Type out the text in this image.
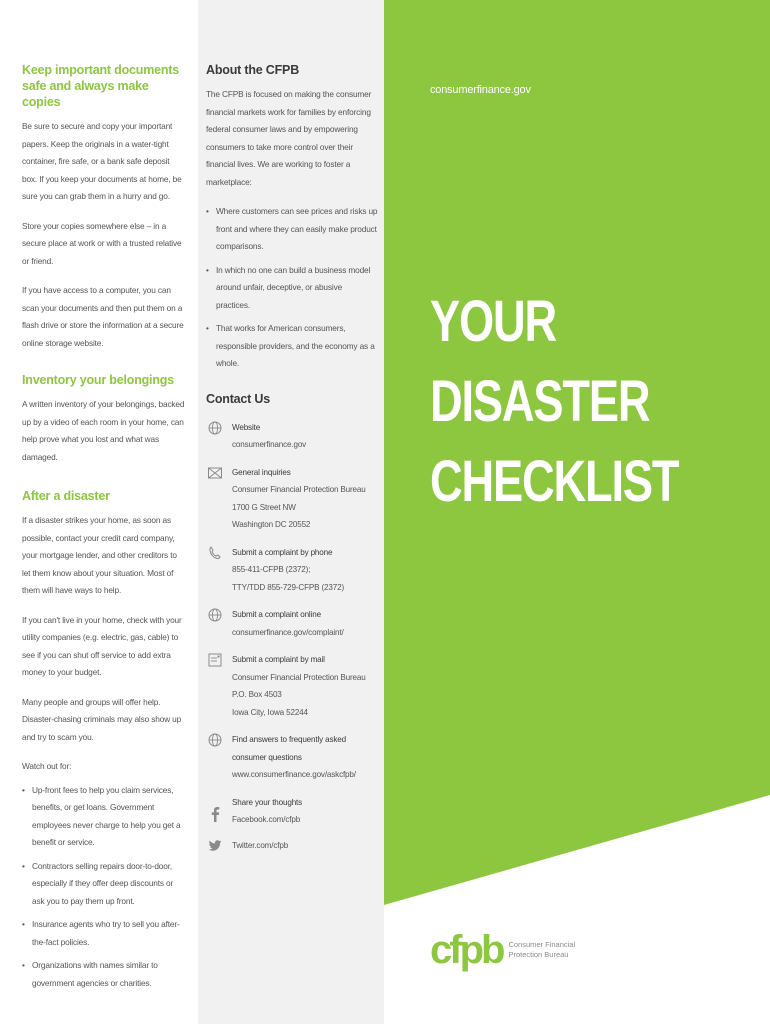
Keep important documents safe and always make copies

Be sure to secure and copy your important papers. Keep the originals in a water-tight container, fire safe, or a bank safe deposit box. If you keep your documents at home, be sure you can grab them in a hurry and go.

Store your copies somewhere else – in a secure place at work or with a trusted relative or friend.

If you have access to a computer, you can scan your documents and then put them on a flash drive or store the information at a secure online storage website.

Inventory your belongings

A written inventory of your belongings, backed up by a video of each room in your home, can help prove what you lost and what was damaged.

After a disaster

If a disaster strikes your home, as soon as possible, contact your credit card company, your mortgage lender, and other creditors to let them know about your situation. Most of them will have ways to help.

If you can't live in your home, check with your utility companies (e.g. electric, gas, cable) to see if you can shut off service to add extra money to your budget.

Many people and groups will offer help. Disaster-chasing criminals may also show up and try to scam you.

Watch out for:

• Up-front fees to help you claim services, benefits, or get loans. Government employees never charge to help you get a benefit or service.
• Contractors selling repairs door-to-door, especially if they offer deep discounts or ask you to pay them up front.
• Insurance agents who try to sell you after-the-fact policies.
• Organizations with names similar to government agencies or charities.
About the CFPB

The CFPB is focused on making the consumer financial markets work for families by enforcing federal consumer laws and by empowering consumers to take more control over their financial lives. We are working to foster a marketplace:

• Where customers can see prices and risks up front and where they can easily make product comparisons.
• In which no one can build a business model around unfair, deceptive, or abusive practices.
• That works for American consumers, responsible providers, and the economy as a whole.
Contact Us
Website
consumerfinance.gov
General inquiries
Consumer Financial Protection Bureau
1700 G Street NW
Washington DC 20552
Submit a complaint by phone
855-411-CFPB (2372);
TTY/TDD 855-729-CFPB (2372)
Submit a complaint online
consumerfinance.gov/complaint/
Submit a complaint by mail
Consumer Financial Protection Bureau
P.O. Box 4503
Iowa City, Iowa 52244
Find answers to frequently asked
consumer questions
www.consumerfinance.gov/askcfpb/
Share your thoughts
Facebook.com/cfpb
Twitter.com/cfpb
consumerfinance.gov
YOUR
DISASTER
CHECKLIST
cfpb Consumer Financial
Protection Bureau
